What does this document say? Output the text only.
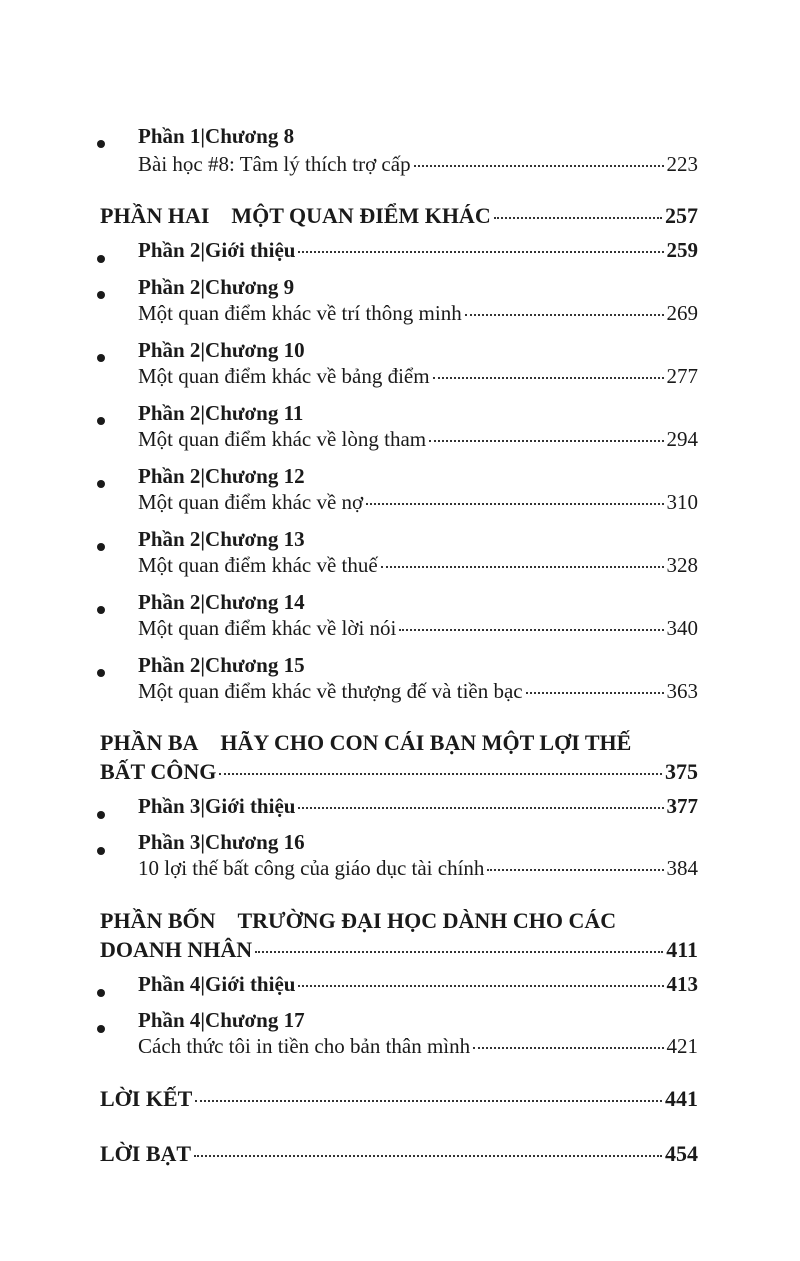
Phần 1|Chương 8
Bài học #8: Tâm lý thích trợ cấp	223
PHẦN HAI MỘT QUAN ĐIỂM KHÁC	257
Phần 2|Giới thiệu	259
Phần 2|Chương 9
Một quan điểm khác về trí thông minh	269
Phần 2|Chương 10
Một quan điểm khác về bảng điểm	277
Phần 2|Chương 11
Một quan điểm khác về lòng tham	294
Phần 2|Chương 12
Một quan điểm khác về nợ	310
Phần 2|Chương 13
Một quan điểm khác về thuế	328
Phần 2|Chương 14
Một quan điểm khác về lời nói	340
Phần 2|Chương 15
Một quan điểm khác về thượng đế và tiền bạc	363
PHẦN BA HÃY CHO CON CÁI BẠN MỘT LỢI THẾ
BẤT CÔNG	375
Phần 3|Giới thiệu	377
Phần 3|Chương 16
10 lợi thế bất công của giáo dục tài chính	384
PHẦN BỐN TRƯỜNG ĐẠI HỌC DÀNH CHO CÁC
DOANH NHÂN	411
Phần 4|Giới thiệu	413
Phần 4|Chương 17
Cách thức tôi in tiền cho bản thân mình	421
LỜI KẾT	441
LỜI BẠT	454
